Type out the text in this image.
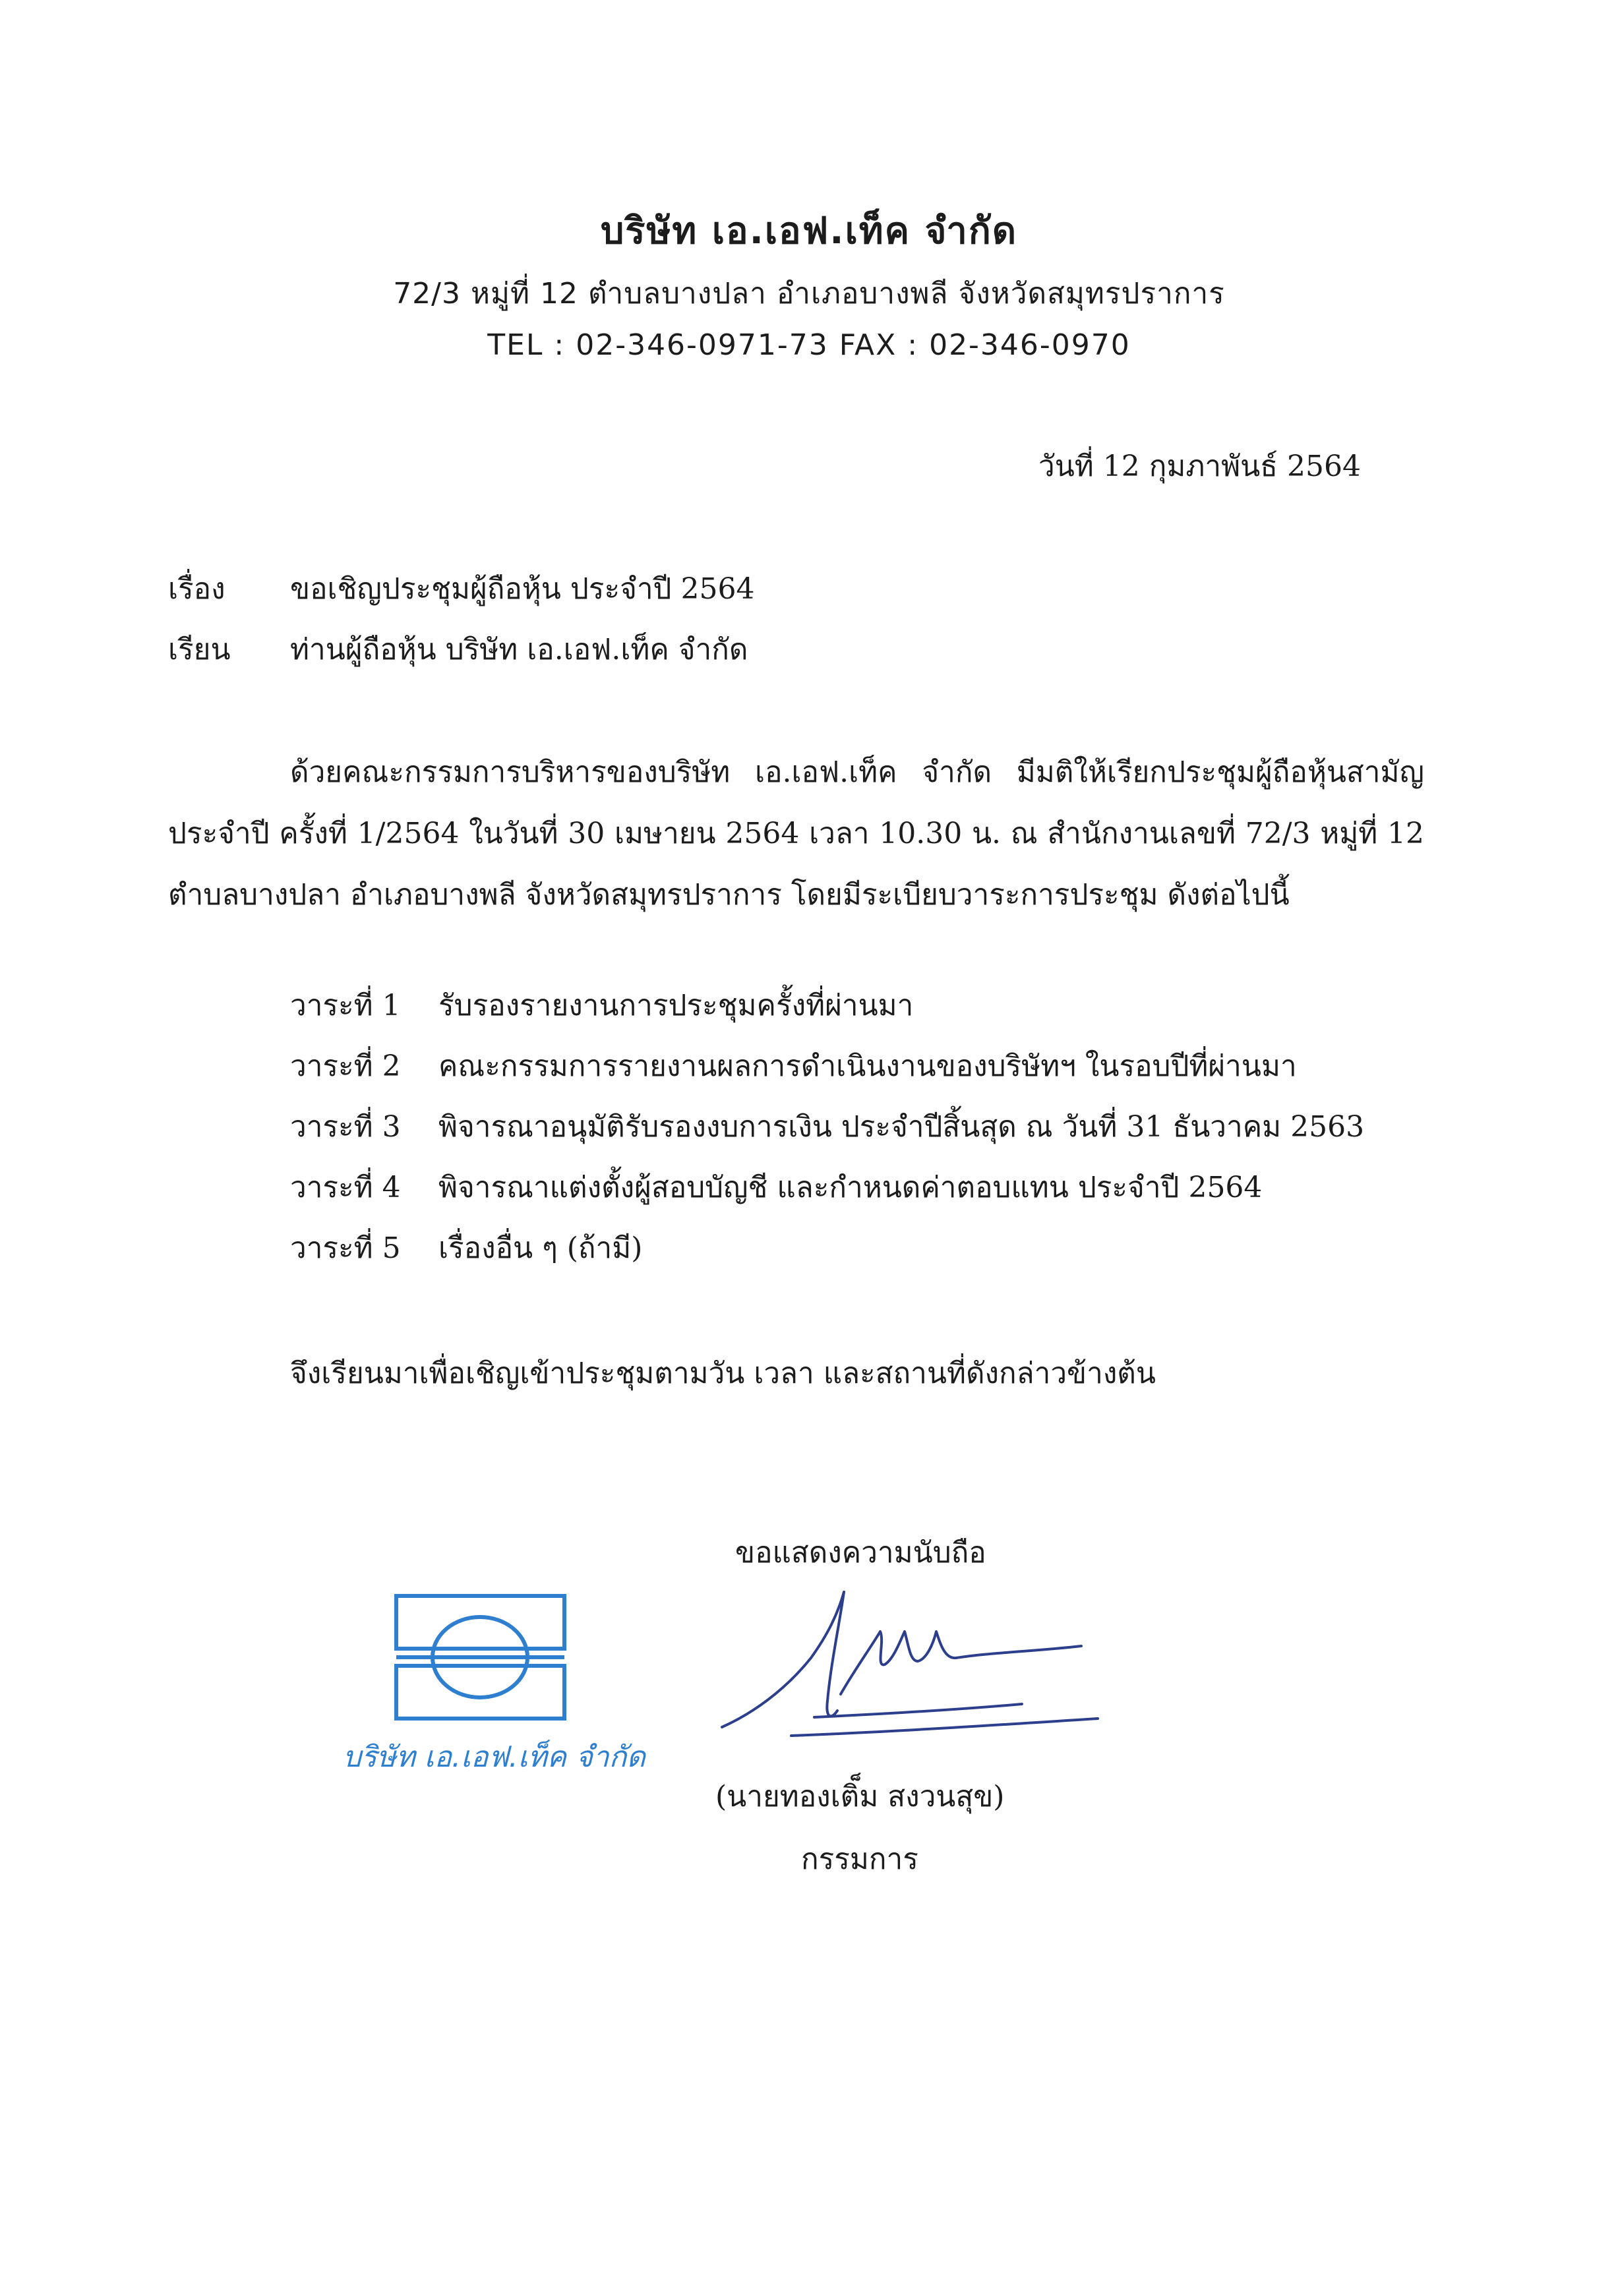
บริษัท เอ.เอฟ.เท็ค จำกัด
72/3 หมู่ที่ 12 ตำบลบางปลา อำเภอบางพลี จังหวัดสมุทรปราการ
TEL : 02-346-0971-73 FAX : 02-346-0970
วันที่ 12 กุมภาพันธ์ 2564
เรื่อง ขอเชิญประชุมผู้ถือหุ้น ประจำปี 2564
เรียน ท่านผู้ถือหุ้น บริษัท เอ.เอฟ.เท็ค จำกัด
ด้วยคณะกรรมการบริหารของบริษัท เอ.เอฟ.เท็ค จำกัด มีมติให้เรียกประชุมผู้ถือหุ้นสามัญ ประจำปี ครั้งที่ 1/2564 ในวันที่ 30 เมษายน 2564 เวลา 10.30 น. ณ สำนักงานเลขที่ 72/3 หมู่ที่ 12 ตำบลบางปลา อำเภอบางพลี จังหวัดสมุทรปราการ โดยมีระเบียบวาระการประชุม ดังต่อไปนี้
วาระที่ 1	รับรองรายงานการประชุมครั้งที่ผ่านมา
วาระที่ 2	คณะกรรมการรายงานผลการดำเนินงานของบริษัทฯ ในรอบปีที่ผ่านมา
วาระที่ 3	พิจารณาอนุมัติรับรองงบการเงิน ประจำปีสิ้นสุด ณ วันที่ 31 ธันวาคม 2563
วาระที่ 4	พิจารณาแต่งตั้งผู้สอบบัญชี และกำหนดค่าตอบแทน ประจำปี 2564
วาระที่ 5	เรื่องอื่น ๆ (ถ้ามี)
จึงเรียนมาเพื่อเชิญเข้าประชุมตามวัน เวลา และสถานที่ดังกล่าวข้างต้น
ขอแสดงความนับถือ
บริษัท เอ.เอฟ.เท็ค จำกัด
(นายทองเติ็ม สงวนสุข)
กรรมการ
